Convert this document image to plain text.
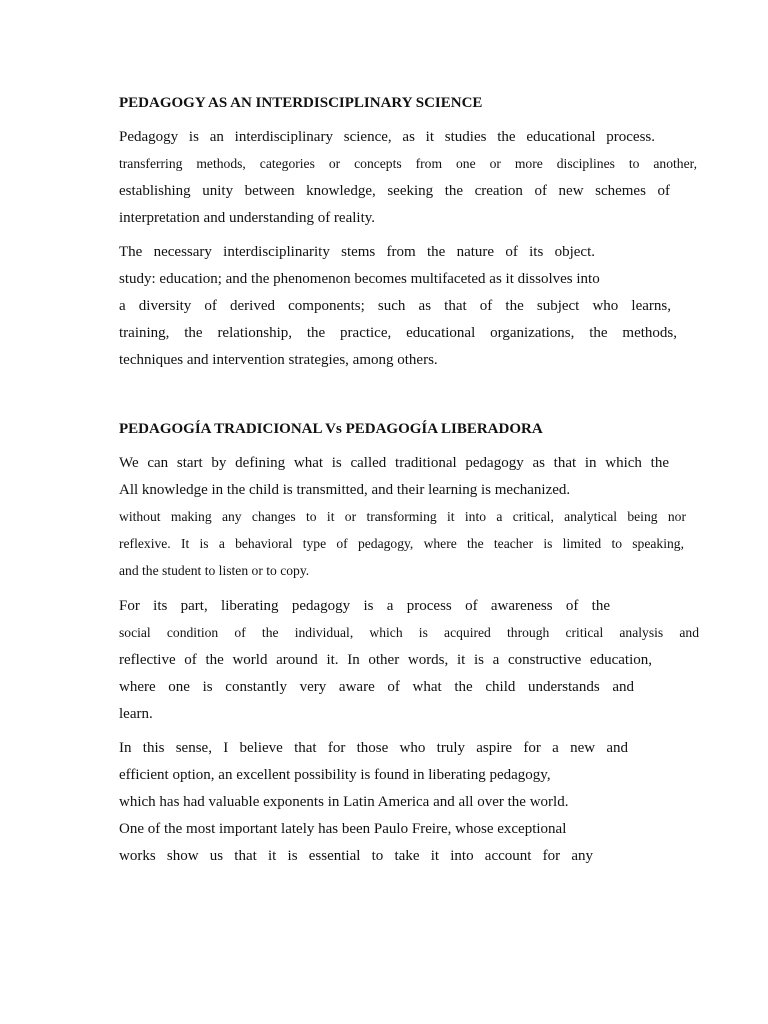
PEDAGOGY AS AN INTERDISCIPLINARY SCIENCE
Pedagogy is an interdisciplinary science, as it studies the educational process.
transferring methods, categories or concepts from one or more disciplines to another,
establishing unity between knowledge, seeking the creation of new schemes of
interpretation and understanding of reality.
The necessary interdisciplinarity stems from the nature of its object.
study: education; and the phenomenon becomes multifaceted as it dissolves into
a diversity of derived components; such as that of the subject who learns,
training, the relationship, the practice, educational organizations, the methods,
techniques and intervention strategies, among others.
PEDAGOGÍA TRADICIONAL Vs PEDAGOGÍA LIBERADORA
We can start by defining what is called traditional pedagogy as that in which the
All knowledge in the child is transmitted, and their learning is mechanized.
without making any changes to it or transforming it into a critical, analytical being nor
reflexive. It is a behavioral type of pedagogy, where the teacher is limited to speaking,
and the student to listen or to copy.
For its part, liberating pedagogy is a process of awareness of the
social condition of the individual, which is acquired through critical analysis and
reflective of the world around it. In other words, it is a constructive education,
where one is constantly very aware of what the child understands and
learn.
In this sense, I believe that for those who truly aspire for a new and
efficient option, an excellent possibility is found in liberating pedagogy,
which has had valuable exponents in Latin America and all over the world.
One of the most important lately has been Paulo Freire, whose exceptional
works show us that it is essential to take it into account for any
